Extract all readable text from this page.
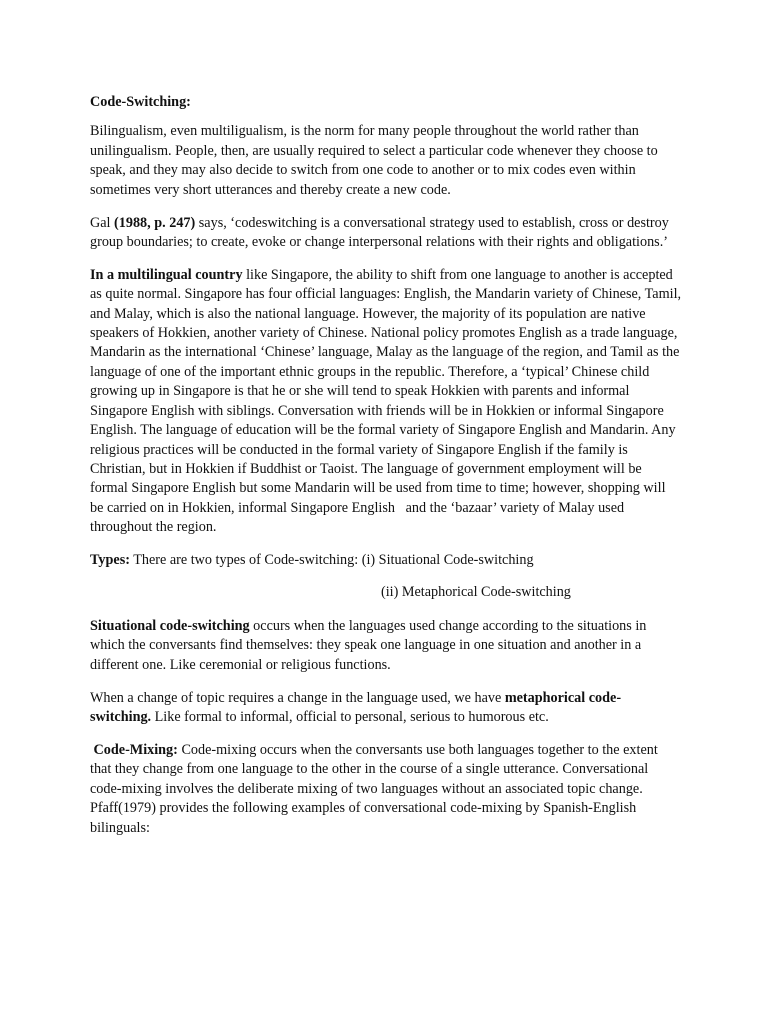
Code-Switching:

Bilingualism, even multiligualism, is the norm for many people throughout the world rather than unilingualism. People, then, are usually required to select a particular code whenever they choose to speak, and they may also decide to switch from one code to another or to mix codes even within sometimes very short utterances and thereby create a new code.

Gal (1988, p. 247) says, ‘codeswitching is a conversational strategy used to establish, cross or destroy group boundaries; to create, evoke or change interpersonal relations with their rights and obligations.’

In a multilingual country like Singapore, the ability to shift from one language to another is accepted as quite normal. Singapore has four official languages: English, the Mandarin variety of Chinese, Tamil, and Malay, which is also the national language. However, the majority of its population are native speakers of Hokkien, another variety of Chinese. National policy promotes English as a trade language, Mandarin as the international ‘Chinese’ language, Malay as the language of the region, and Tamil as the language of one of the important ethnic groups in the republic. Therefore, a ‘typical’ Chinese child growing up in Singapore is that he or she will tend to speak Hokkien with parents and informal Singapore English with siblings. Conversation with friends will be in Hokkien or informal Singapore English. The language of education will be the formal variety of Singapore English and Mandarin. Any religious practices will be conducted in the formal variety of Singapore English if the family is Christian, but in Hokkien if Buddhist or Taoist. The language of government employment will be formal Singapore English but some Mandarin will be used from time to time; however, shopping will be carried on in Hokkien, informal Singapore English   and the ‘bazaar’ variety of Malay used throughout the region.

Types: There are two types of Code-switching: (i) Situational Code-switching

(ii) Metaphorical Code-switching

Situational code-switching occurs when the languages used change according to the situations in which the conversants find themselves: they speak one language in one situation and another in a different one. Like ceremonial or religious functions.

When a change of topic requires a change in the language used, we have metaphorical code-switching. Like formal to informal, official to personal, serious to humorous etc.

Code-Mixing: Code-mixing occurs when the conversants use both languages together to the extent that they change from one language to the other in the course of a single utterance. Conversational code-mixing involves the deliberate mixing of two languages without an associated topic change. Pfaff(1979) provides the following examples of conversational code-mixing by Spanish-English bilinguals:
